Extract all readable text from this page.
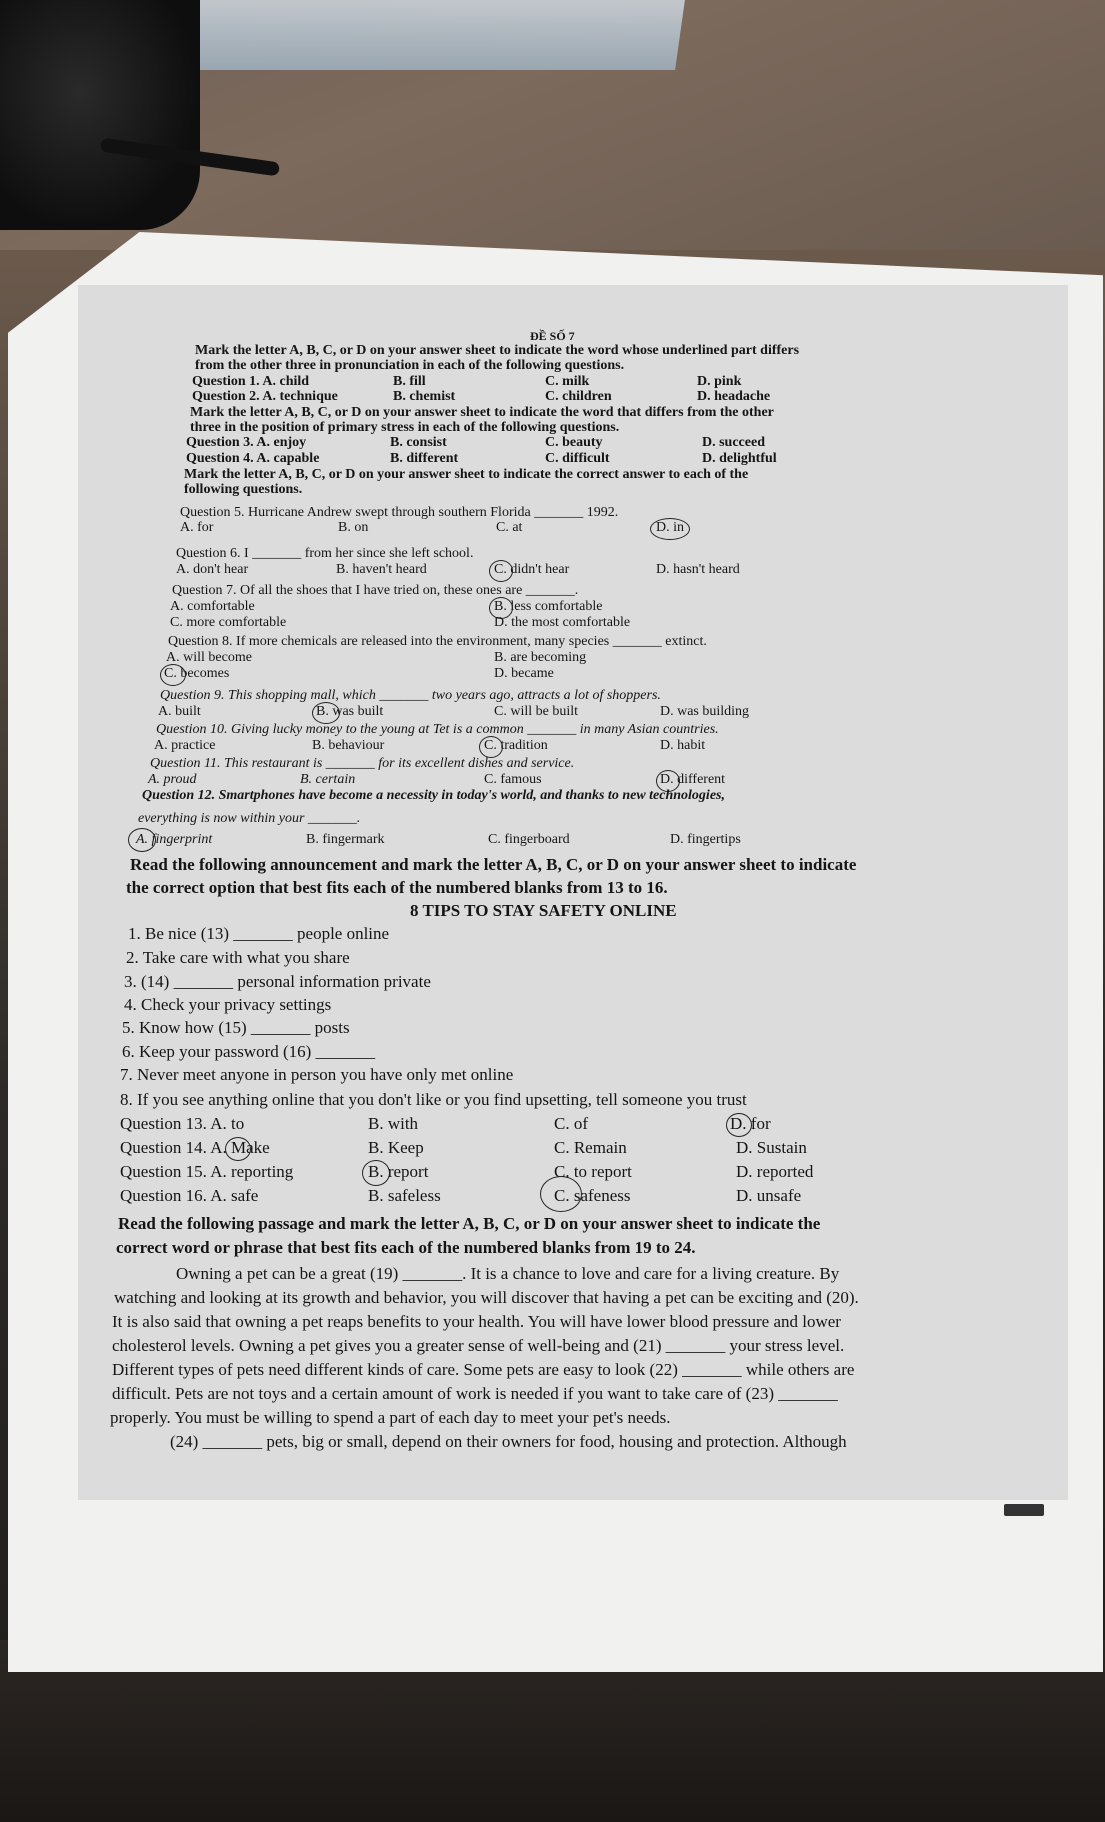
ĐỀ SỐ 7
Mark the letter A, B, C, or D on your answer sheet to indicate the word whose underlined part differs
from the other three in pronunciation in each of the following questions.
Question 1. A. child	B. fill	C. milk	D. pink
Question 2. A. technique	B. chemist	C. children	D. headache
Mark the letter A, B, C, or D on your answer sheet to indicate the word that differs from the other
three in the position of primary stress in each of the following questions.
Question 3. A. enjoy	B. consist	C. beauty	D. succeed
Question 4. A. capable	B. different	C. difficult	D. delightful
Mark the letter A, B, C, or D on your answer sheet to indicate the correct answer to each of the
following questions.
Question 5. Hurricane Andrew swept through southern Florida _______ 1992.
A. for	B. on	C. at	D. in
Question 6. I _______ from her since she left school.
A. don't hear	B. haven't heard	C. didn't hear	D. hasn't heard
Question 7. Of all the shoes that I have tried on, these ones are _______.
A. comfortable	B. less comfortable
C. more comfortable	D. the most comfortable
Question 8. If more chemicals are released into the environment, many species _______ extinct.
A. will become	B. are becoming
C. becomes	D. became
Question 9. This shopping mall, which _______ two years ago, attracts a lot of shoppers.
A. built	B. was built	C. will be built	D. was building
Question 10. Giving lucky money to the young at Tet is a common _______ in many Asian countries.
A. practice	B. behaviour	C. tradition	D. habit
Question 11. This restaurant is _______ for its excellent dishes and service.
A. proud	B. certain	C. famous	D. different
Question 12. Smartphones have become a necessity in today's world, and thanks to new technologies,
everything is now within your _______.
A. fingerprint	B. fingermark	C. fingerboard	D. fingertips
Read the following announcement and mark the letter A, B, C, or D on your answer sheet to indicate
the correct option that best fits each of the numbered blanks from 13 to 16.
8 TIPS TO STAY SAFETY ONLINE
1. Be nice (13) _______ people online
2. Take care with what you share
3. (14) _______ personal information private
4. Check your privacy settings
5. Know how (15) _______ posts
6. Keep your password (16) _______
7. Never meet anyone in person you have only met online
8. If you see anything online that you don't like or you find upsetting, tell someone you trust
Question 13. A. to	B. with	C. of	D. for
Question 14. A. Make	B. Keep	C. Remain	D. Sustain
Question 15. A. reporting	B. report	C. to report	D. reported
Question 16. A. safe	B. safeless	C. safeness	D. unsafe
Read the following passage and mark the letter A, B, C, or D on your answer sheet to indicate the
correct word or phrase that best fits each of the numbered blanks from 19 to 24.
Owning a pet can be a great (19) _______. It is a chance to love and care for a living creature. By
watching and looking at its growth and behavior, you will discover that having a pet can be exciting and (20).
It is also said that owning a pet reaps benefits to your health. You will have lower blood pressure and lower
cholesterol levels. Owning a pet gives you a greater sense of well-being and (21) _______ your stress level.
Different types of pets need different kinds of care. Some pets are easy to look (22) _______ while others are
difficult. Pets are not toys and a certain amount of work is needed if you want to take care of (23) _______
properly. You must be willing to spend a part of each day to meet your pet's needs.
(24) _______ pets, big or small, depend on their owners for food, housing and protection. Although
